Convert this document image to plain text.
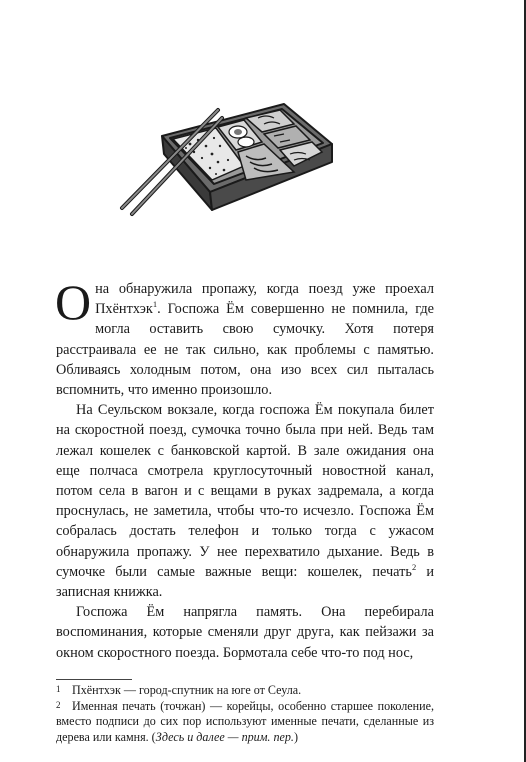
Она обнаружила пропажу, когда поезд уже проехал Пхёнтхэк$^1$. Госпожа Ём совершенно не помнила, где могла оставить свою сумочку. Хотя потеря расстраивала ее не так сильно, как проблемы с памятью. Обливаясь холодным потом, она изо всех сил пыталась вспомнить, что именно произошло.

На Сеульском вокзале, когда госпожа Ём покупала билет на скоростной поезд, сумочка точно была при ней. Ведь там лежал кошелек с банковской картой. В зале ожидания она еще полчаса смотрела круглосуточный новостной канал, потом села в вагон и с вещами в руках задремала, а когда проснулась, не заметила, чтобы что-то исчезло. Госпожа Ём собралась достать телефон и только тогда с ужасом обнаружила пропажу. У нее перехватило дыхание. Ведь в сумочке были самые важные вещи: кошелек, печать$^2$ и записная книжка.

Госпожа Ём напрягла память. Она перебирала воспоминания, которые сменяли друг друга, как пейзажи за окном скоростного поезда. Бормотала себе что-то под нос,

1 Пхёнтхэк — город-спутник на юге от Сеула.

2 Именная печать (точжан) — корейцы, особенно старшее поколение, вместо подписи до сих пор используют именные печати, сделанные из дерева или камня. (Здесь и далее — прим. пер.)
